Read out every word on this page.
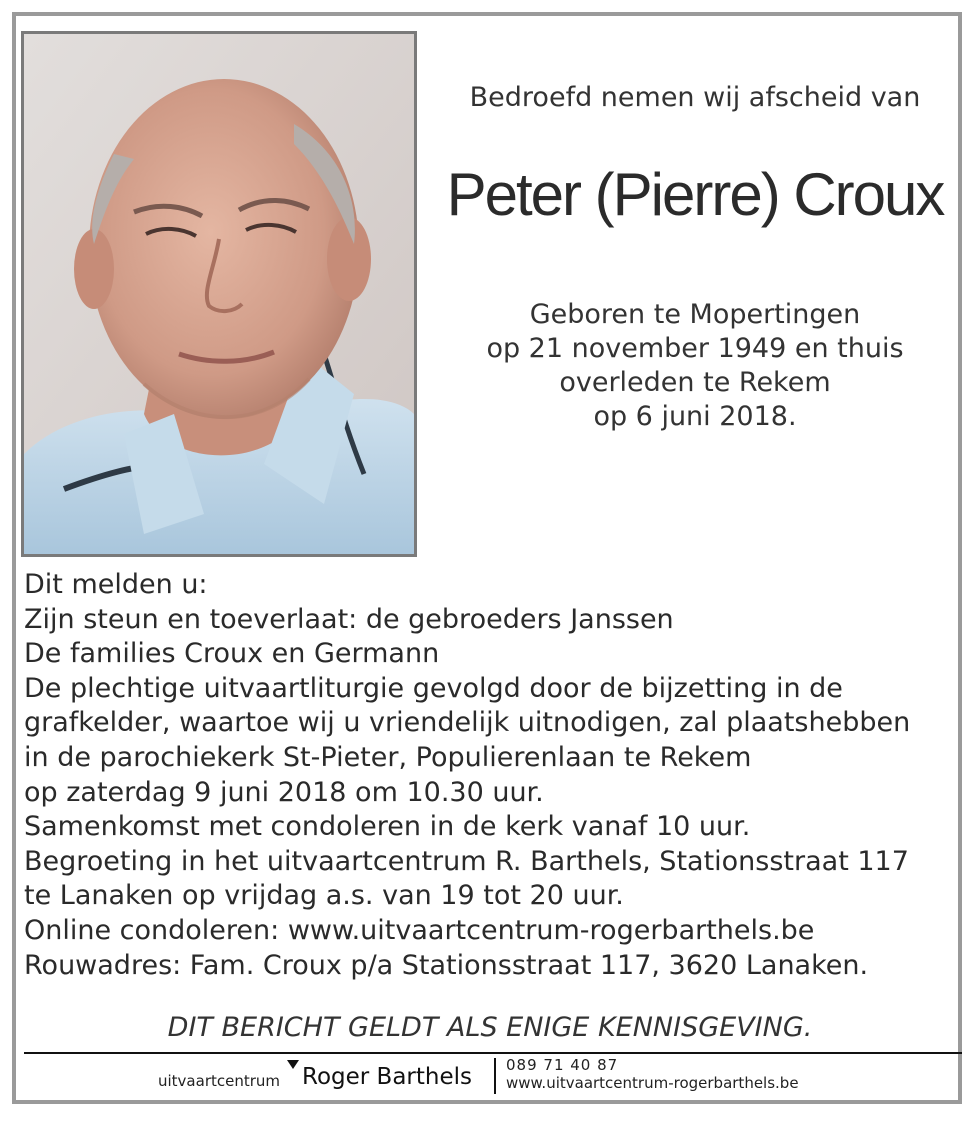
Bedroefd nemen wij afscheid van
Peter (Pierre) Croux
Geboren te Mopertingen
op 21 november 1949 en thuis
overleden te Rekem
op 6 juni 2018.
Dit melden u:
Zijn steun en toeverlaat: de gebroeders Janssen
De families Croux en Germann
De plechtige uitvaartliturgie gevolgd door de bijzetting in de
grafkelder, waartoe wij u vriendelijk uitnodigen, zal plaatshebben
in de parochiekerk St-Pieter, Populierenlaan te Rekem
op zaterdag 9 juni 2018 om 10.30 uur.
Samenkomst met condoleren in de kerk vanaf 10 uur.
Begroeting in het uitvaartcentrum R. Barthels, Stationsstraat 117
te Lanaken op vrijdag a.s. van 19 tot 20 uur.
Online condoleren: www.uitvaartcentrum-rogerbarthels.be
Rouwadres: Fam. Croux p/a Stationsstraat 117, 3620 Lanaken.
DIT BERICHT GELDT ALS ENIGE KENNISGEVING.
uitvaartcentrum Roger Barthels 089 71 40 87
www.uitvaartcentrum-rogerbarthels.be
